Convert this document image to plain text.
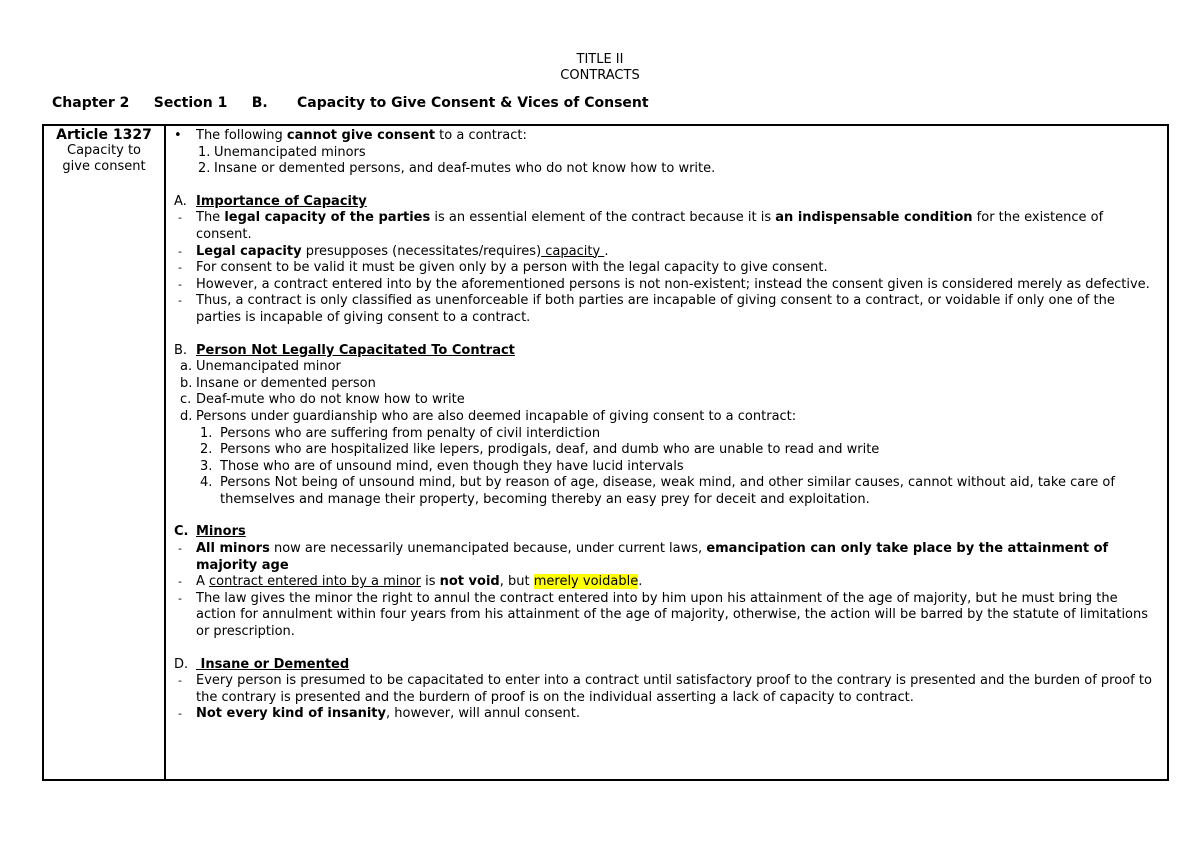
TITLE II
CONTRACTS
Chapter 2 Section 1 B. Capacity to Give Consent & Vices of Consent
Article 1327
Capacity to
give consent

• The following cannot give consent to a contract:
1. Unemancipated minors
2. Insane or demented persons, and deaf-mutes who do not know how to write.
A. Importance of Capacity
- The legal capacity of the parties is an essential element of the contract because it is an indispensable condition for the existence of consent.
- Legal capacity presupposes (necessitates/requires) capacity .
- For consent to be valid it must be given only by a person with the legal capacity to give consent.
- However, a contract entered into by the aforementioned persons is not non-existent; instead the consent given is considered merely as defective.
- Thus, a contract is only classified as unenforceable if both parties are incapable of giving consent to a contract, or voidable if only one of the parties is incapable of giving consent to a contract.
B. Person Not Legally Capacitated To Contract
a. Unemancipated minor
b. Insane or demented person
c. Deaf-mute who do not know how to write
d. Persons under guardianship who are also deemed incapable of giving consent to a contract:
1. Persons who are suffering from penalty of civil interdiction
2. Persons who are hospitalized like lepers, prodigals, deaf, and dumb who are unable to read and write
3. Those who are of unsound mind, even though they have lucid intervals
4. Persons Not being of unsound mind, but by reason of age, disease, weak mind, and other similar causes, cannot without aid, take care of themselves and manage their property, becoming thereby an easy prey for deceit and exploitation.
C. Minors
- All minors now are necessarily unemancipated because, under current laws, emancipation can only take place by the attainment of majority age
- A contract entered into by a minor is not void, but merely voidable.
- The law gives the minor the right to annul the contract entered into by him upon his attainment of the age of majority, but he must bring the action for annulment within four years from his attainment of the age of majority, otherwise, the action will be barred by the statute of limitations or prescription.
D. Insane or Demented
- Every person is presumed to be capacitated to enter into a contract until satisfactory proof to the contrary is presented and the burden of proof to the contrary is presented and the burdern of proof is on the individual asserting a lack of capacity to contract.
- Not every kind of insanity, however, will annul consent.
